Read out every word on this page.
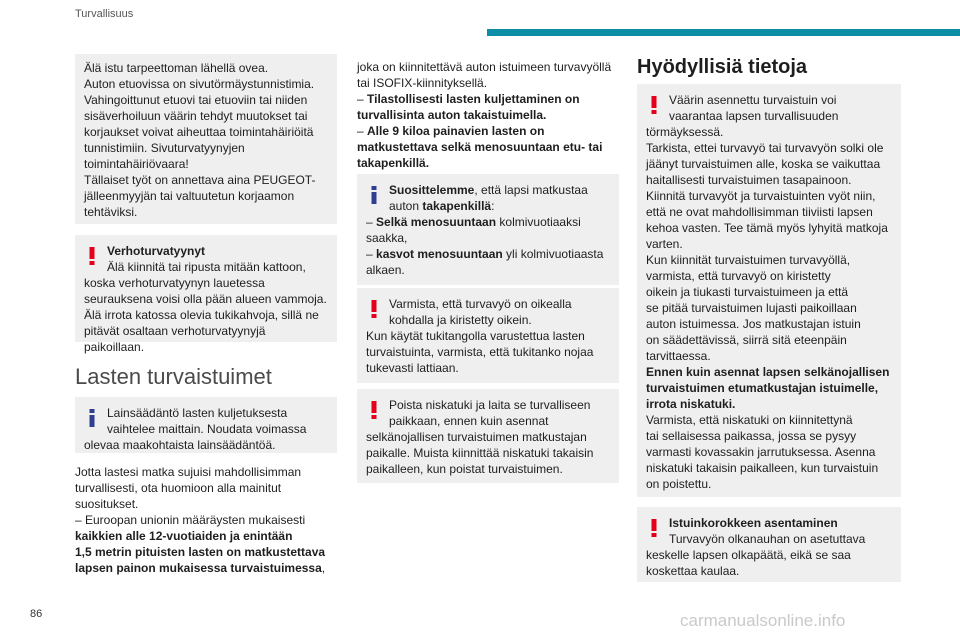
Turvallisuus

Älä istu tarpeettoman lähellä ovea.

Auton etuovissa on sivutörmäystunnistimia.

Vahingoittunut etuovi tai etuoviin tai niiden

sisäverhoiluun väärin tehdyt muutokset tai

korjaukset voivat aiheuttaa toimintahäiriöitä

tunnistimiin. Sivuturvatyynyjen

toimintahäiriövaara!

Tällaiset työt on annettava aina PEUGEOT-

jälleenmyyjän tai valtuutetun korjaamon

tehtäviksi.

Verhoturvatyynyt

Älä kiinnitä tai ripusta mitään kattoon,

koska verhoturvatyynyn lauetessa

seurauksena voisi olla pään alueen vammoja.

Älä irrota katossa olevia tukikahvoja, sillä ne

pitävät osaltaan verhoturvatyynyjä paikoillaan.

Lasten turvaistuimet

Lainsäädäntö lasten kuljetuksesta

vaihtelee maittain. Noudata voimassa

olevaa maakohtaista lainsäädäntöä.

Jotta lastesi matka sujuisi mahdollisimman

turvallisesti, ota huomioon alla mainitut

suositukset.

– Euroopan unionin määräysten mukaisesti

kaikkien alle 12-vuotiaiden ja enintään

1,5 metrin pituisten lasten on matkustettava

lapsen painon mukaisessa turvaistuimessa,

joka on kiinnitettävä auton istuimeen turvavyöllä

tai ISOFIX-kiinnityksellä.

– Tilastollisesti lasten kuljettaminen on

turvallisinta auton takaistuimella.

– Alle 9 kiloa painavien lasten on

matkustettava selkä menosuuntaan etu- tai

takapenkillä.

Suosittelemme, että lapsi matkustaa

auton takapenkillä:

– Selkä menosuuntaan kolmivuotiaaksi

saakka,

– kasvot menosuuntaan yli kolmivuotiaasta

alkaen.

Varmista, että turvavyö on oikealla

kohdalla ja kiristetty oikein.

Kun käytät tukitangolla varustettua lasten

turvaistuinta, varmista, että tukitanko nojaa

tukevasti lattiaan.

Poista niskatuki ja laita se turvalliseen

paikkaan, ennen kuin asennat

selkänojallisen turvaistuimen matkustajan

paikalle. Muista kiinnittää niskatuki takaisin

paikalleen, kun poistat turvaistuimen.

Hyödyllisiä tietoja

Väärin asennettu turvaistuin voi

vaarantaa lapsen turvallisuuden

törmäyksessä.

Tarkista, ettei turvavyö tai turvavyön solki ole

jäänyt turvaistuimen alle, koska se vaikuttaa

haitallisesti turvaistuimen tasapainoon.

Kiinnitä turvavyöt ja turvaistuinten vyöt niin,

että ne ovat mahdollisimman tiiviisti lapsen

kehoa vasten. Tee tämä myös lyhyitä matkoja

varten.

Kun kiinnität turvaistuimen turvavyöllä,

varmista, että turvavyö on kiristetty

oikein ja tiukasti turvaistuimeen ja että

se pitää turvaistuimen lujasti paikoillaan

auton istuimessa. Jos matkustajan istuin

on säädettävissä, siirrä sitä eteenpäin

tarvittaessa.

Ennen kuin asennat lapsen selkänojallisen

turvaistuimen etumatkustajan istuimelle,

irrota niskatuki.

Varmista, että niskatuki on kiinnitettynä

tai sellaisessa paikassa, jossa se pysyy

varmasti kovassakin jarrutuksessa. Asenna

niskatuki takaisin paikalleen, kun turvaistuin

on poistettu.

Istuinkorokkeen asentaminen

Turvavyön olkanauhan on asetuttava

keskelle lapsen olkapäätä, eikä se saa

koskettaa kaulaa.

86	carmanualsonline.info
